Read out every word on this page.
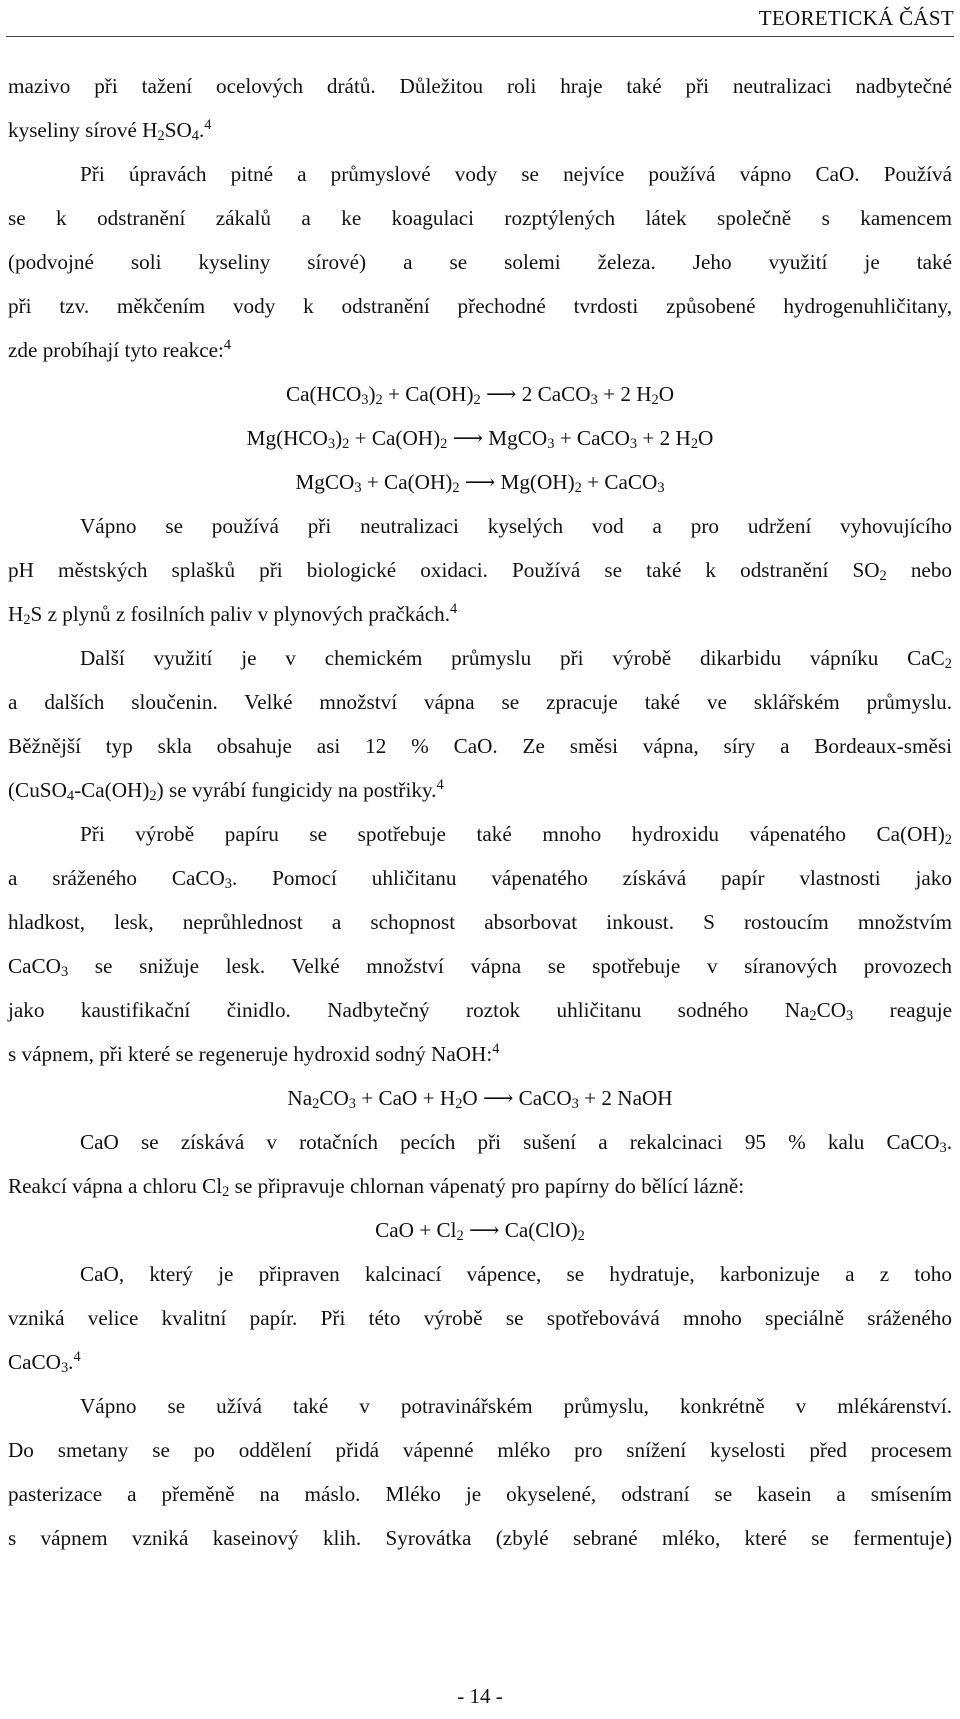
TEORETICKÁ ČÁST
mazivo při tažení ocelových drátů. Důležitou roli hraje také při neutralizaci nadbytečné
kyseliny sírové $H_2SO_4.^4$
Při úpravách pitné a průmyslové vody se nejvíce používá vápno CaO. Používá
se k odstranění zákalů a ke koagulaci rozptýlených látek společně s kamencem
(podvojné soli kyseliny sírové) a se solemi železa. Jeho využití je také
při tzv. měkčením vody k odstranění přechodné tvrdosti způsobené hydrogenuhličitany,
zde probíhají tyto reakce:$^4$
$Ca(HCO_3)_2 + Ca(OH)_2$ ⟶ 2 CaCO$_3$ + 2 $H_2O$
$Mg(HCO_3)_2 + Ca(OH)_2$ ⟶ MgCO$_3$ + CaCO$_3$ + 2 $H_2O$
MgCO$_3$ + $Ca(OH)_2$ ⟶ $Mg(OH)_2$ + CaCO$_3$
Vápno se používá při neutralizaci kyselých vod a pro udržení vyhovujícího
pH městských splašků při biologické oxidaci. Používá se také k odstranění $SO_2$ nebo
$H_2S$ z plynů z fosilních paliv v plynových pračkách.$^4$
Další využití je v chemickém průmyslu při výrobě dikarbidu vápníku CaC$_2$
a dalších sloučenin. Velké množství vápna se zpracuje také ve sklářském průmyslu.
Běžnější typ skla obsahuje asi 12 % CaO. Ze směsi vápna, síry a Bordeaux-směsi
$(CuSO_4-Ca(OH)_2)$ se vyrábí fungicidy na postřiky.$^4$
Při výrobě papíru se spotřebuje také mnoho hydroxidu vápenatého $Ca(OH)_2$
a sráženého CaCO$_3$. Pomocí uhličitanu vápenatého získává papír vlastnosti jako
hladkost, lesk, neprůhlednost a schopnost absorbovat inkoust. S rostoucím množstvím
CaCO$_3$ se snižuje lesk. Velké množství vápna se spotřebuje v síranových provozech
jako kaustifikační činidlo. Nadbytečný roztok uhličitanu sodného $Na_2CO_3$ reaguje
s vápnem, při které se regeneruje hydroxid sodný NaOH:$^4$
$Na_2CO_3$ + CaO + $H_2O$ ⟶ CaCO$_3$ + 2 NaOH
CaO se získává v rotačních pecích při sušení a rekalcinaci 95 % kalu CaCO$_3$.
Reakcí vápna a chloru $Cl_2$ se připravuje chlornan vápenatý pro papírny do bělící lázně:
CaO + $Cl_2$ ⟶ $Ca(ClO)_2$
CaO, který je připraven kalcinací vápence, se hydratuje, karbonizuje a z toho
vzniká velice kvalitní papír. Při této výrobě se spotřebovává mnoho speciálně sráženého
CaCO$_3$.$^4$
Vápno se užívá také v potravinářském průmyslu, konkrétně v mlékárenství.
Do smetany se po oddělení přidá vápenné mléko pro snížení kyselosti před procesem
pasterizace a přeměně na máslo. Mléko je okyselené, odstraní se kasein a smísením
s vápnem vzniká kaseinový klih. Syrovátka (zbylé sebrané mléko, které se fermentuje)
- 14 -
